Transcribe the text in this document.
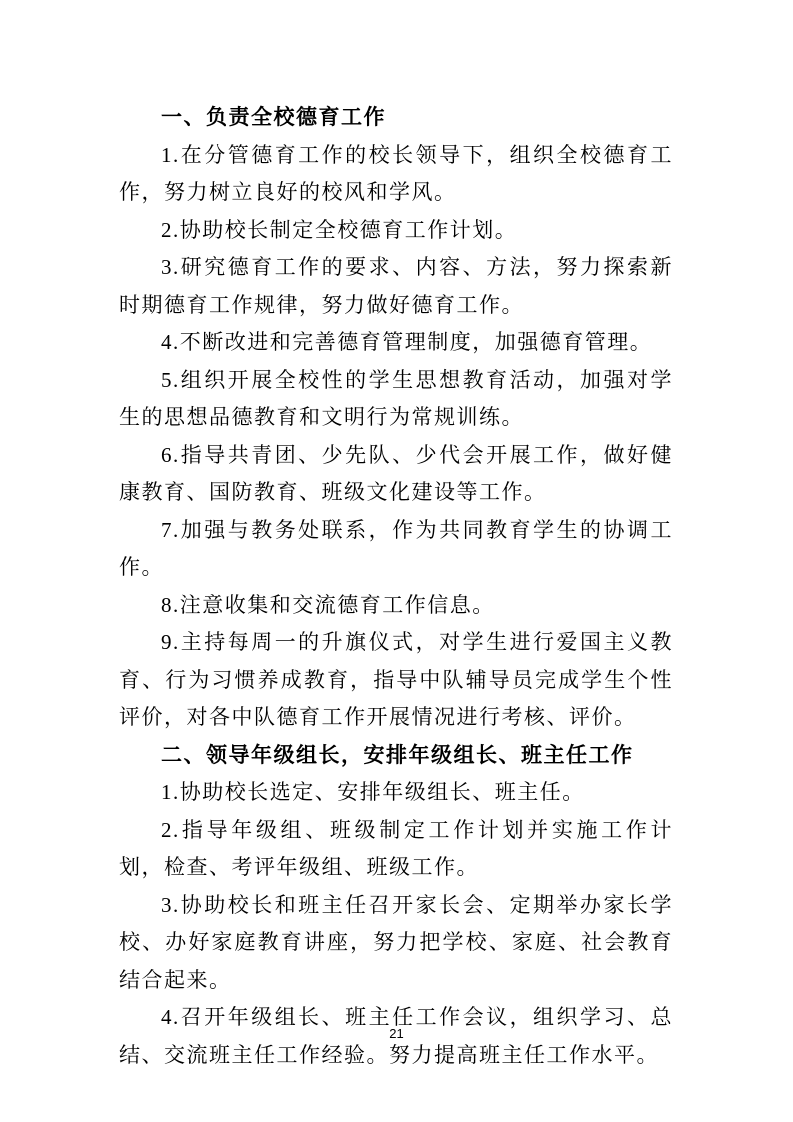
一、负责全校德育工作

1.在分管德育工作的校长领导下，组织全校德育工作，努力树立良好的校风和学风。

2.协助校长制定全校德育工作计划。

3.研究德育工作的要求、内容、方法，努力探索新时期德育工作规律，努力做好德育工作。

4.不断改进和完善德育管理制度，加强德育管理。

5.组织开展全校性的学生思想教育活动，加强对学生的思想品德教育和文明行为常规训练。

6.指导共青团、少先队、少代会开展工作，做好健康教育、国防教育、班级文化建设等工作。

7.加强与教务处联系，作为共同教育学生的协调工作。

8.注意收集和交流德育工作信息。

9.主持每周一的升旗仪式，对学生进行爱国主义教育、行为习惯养成教育，指导中队辅导员完成学生个性评价，对各中队德育工作开展情况进行考核、评价。

二、领导年级组长，安排年级组长、班主任工作

1.协助校长选定、安排年级组长、班主任。

2.指导年级组、班级制定工作计划并实施工作计划，检查、考评年级组、班级工作。

3.协助校长和班主任召开家长会、定期举办家长学校、办好家庭教育讲座，努力把学校、家庭、社会教育结合起来。

4.召开年级组长、班主任工作会议，组织学习、总结、交流班主任工作经验。努力提高班主任工作水平。

21
